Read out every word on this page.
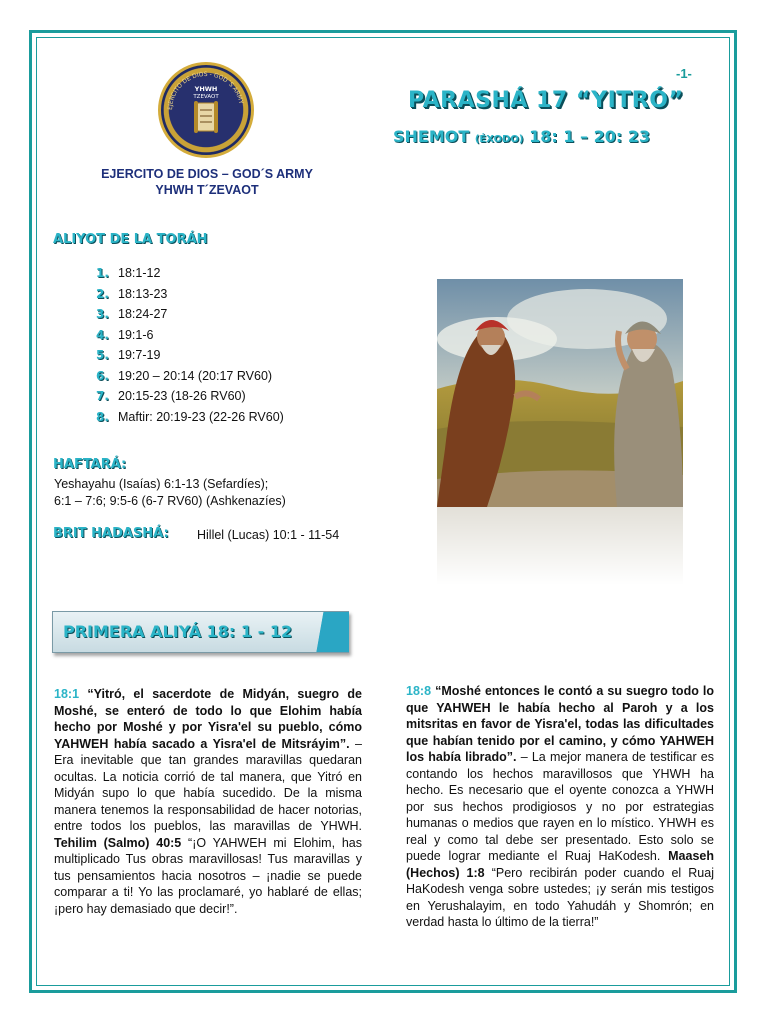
EJERCITO DE DIOS - GOD´S ARMY
YHWH
TZEVAOT
EJERCITO DE DIOS – GOD´S ARMY
YHWH T´ZEVAOT
-1-
PARASHÁ 17 “YITRÓ”
SHEMOT (ÉXODO) 18: 1 – 20: 23
ALIYOT DE LA TORÁH
1. 18:1-12
2. 18:13-23
3. 18:24-27
4. 19:1-6
5. 19:7-19
6. 19:20 – 20:14 (20:17 RV60)
7. 20:15-23 (18-26 RV60)
8. Maftir: 20:19-23 (22-26 RV60)
HAFTARÁ:
Yeshayahu (Isaías) 6:1-13 (Sefardíes);
6:1 – 7:6; 9:5-6 (6-7 RV60) (Ashkenazíes)
BRIT HADASHÁ: Hillel (Lucas) 10:1 - 11-54
PRIMERA ALIYÁ 18: 1 - 12
18:1 “Yitró, el sacerdote de Midyán, suegro de Moshé, se enteró de todo lo que Elohim había hecho por Moshé y por Yisra'el su pueblo, cómo YAHWEH había sacado a Yisra'el de Mitsráyim”. – Era inevitable que tan grandes maravillas quedaran ocultas. La noticia corrió de tal manera, que Yitró en Midyán supo lo que había sucedido. De la misma manera tenemos la responsabilidad de hacer notorias, entre todos los pueblos, las maravillas de YHWH. Tehilim (Salmo) 40:5 “¡O YAHWEH mi Elohim, has multiplicado Tus obras maravillosas! Tus maravillas y tus pensamientos hacia nosotros – ¡nadie se puede comparar a ti! Yo las proclamaré, yo hablaré de ellas; ¡pero hay demasiado que decir!”.
18:8 “Moshé entonces le contó a su suegro todo lo que YAHWEH le había hecho al Paroh y a los mitsritas en favor de Yisra'el, todas las dificultades que habían tenido por el camino, y cómo YAHWEH los había librado”. – La mejor manera de testificar es contando los hechos maravillosos que YHWH ha hecho. Es necesario que el oyente conozca a YHWH por sus hechos prodigiosos y no por estrategias humanas o medios que rayen en lo místico. YHWH es real y como tal debe ser presentado. Esto solo se puede lograr mediante el Ruaj HaKodesh. Maaseh (Hechos) 1:8 “Pero recibirán poder cuando el Ruaj HaKodesh venga sobre ustedes; ¡y serán mis testigos en Yerushalayim, en todo Yahudáh y Shomrón; en verdad hasta lo último de la tierra!”
